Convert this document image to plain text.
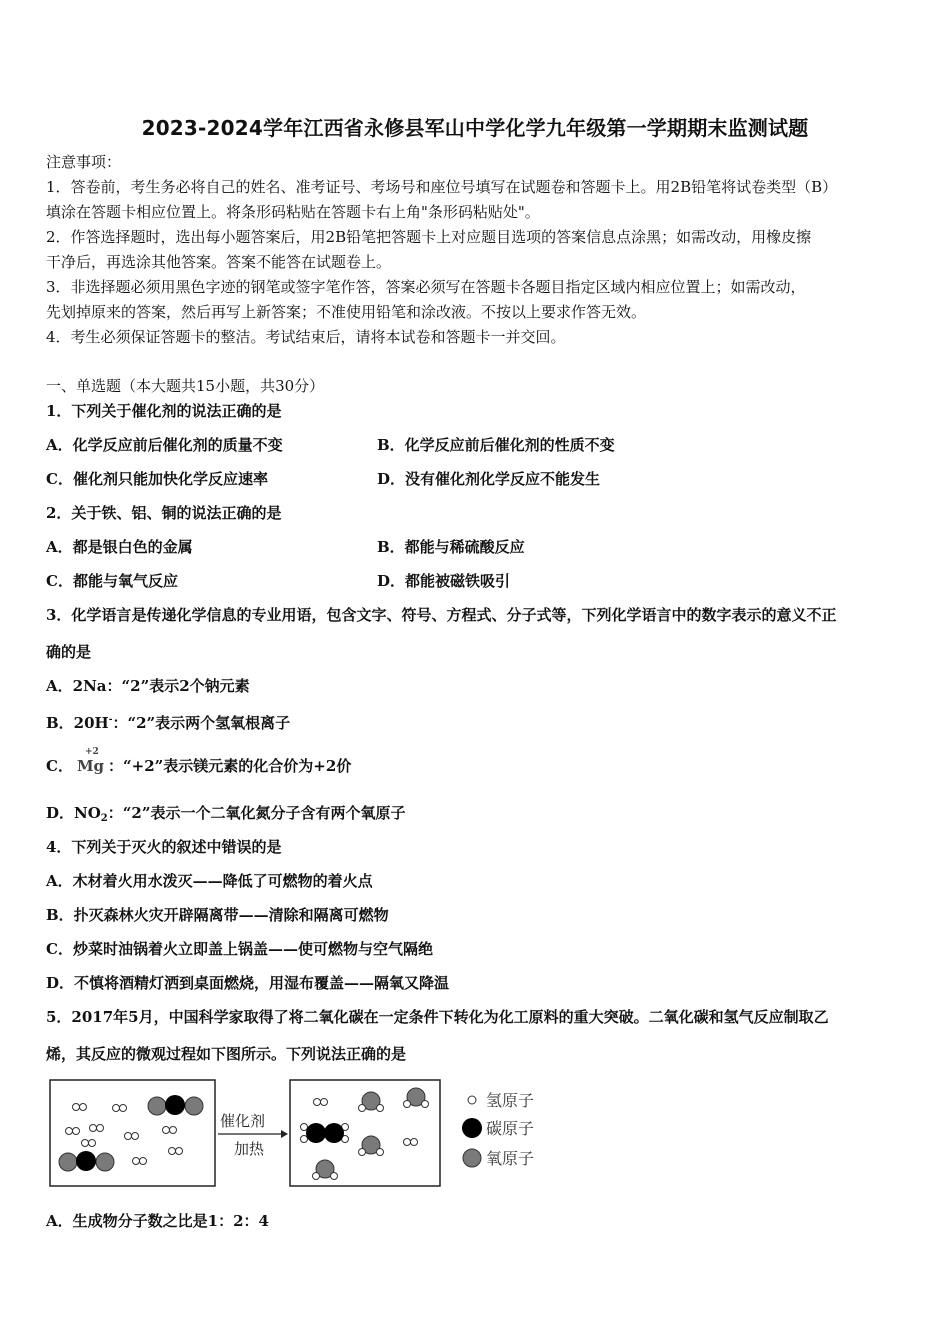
2023-2024学年江西省永修县军山中学化学九年级第一学期期末监测试题
注意事项：
1．答卷前，考生务必将自己的姓名、准考证号、考场号和座位号填写在试题卷和答题卡上。用2B铅笔将试卷类型（B）
填涂在答题卡相应位置上。将条形码粘贴在答题卡右上角"条形码粘贴处"。
2．作答选择题时，选出每小题答案后，用2B铅笔把答题卡上对应题目选项的答案信息点涂黑；如需改动，用橡皮擦
干净后，再选涂其他答案。答案不能答在试题卷上。
3．非选择题必须用黑色字迹的钢笔或签字笔作答，答案必须写在答题卡各题目指定区域内相应位置上；如需改动，
先划掉原来的答案，然后再写上新答案；不准使用铅笔和涂改液。不按以上要求作答无效。
4．考生必须保证答题卡的整洁。考试结束后，请将本试卷和答题卡一并交回。
一、单选题（本大题共15小题，共30分）
1．下列关于催化剂的说法正确的是
A．化学反应前后催化剂的质量不变	B．化学反应前后催化剂的性质不变
C．催化剂只能加快化学反应速率	D．没有催化剂化学反应不能发生
2．关于铁、铝、铜的说法正确的是
A．都是银白色的金属	B．都能与稀硫酸反应
C．都能与氧气反应	D．都能被磁铁吸引
3．化学语言是传递化学信息的专业用语，包含文字、符号、方程式、分子式等，下列化学语言中的数字表示的意义不正
确的是
A．2Na：“2”表示2个钠元素
B．20H-：“2”表示两个氢氧根离子
C．
+2
Mg ：“+2”表示镁元素的化合价为+2价
D．$NO_2$：“2”表示一个二氧化氮分子含有两个氧原子
4．下列关于灭火的叙述中错误的是
A．木材着火用水泼灭——降低了可燃物的着火点
B．扑灭森林火灾开辟隔离带——清除和隔离可燃物
C．炒菜时油锅着火立即盖上锅盖——使可燃物与空气隔绝
D．不慎将酒精灯洒到桌面燃烧，用湿布覆盖——隔氧又降温
5．2017年5月，中国科学家取得了将二氧化碳在一定条件下转化为化工原料的重大突破。二氧化碳和氢气反应制取乙
烯，其反应的微观过程如下图所示。下列说法正确的是
催化剂
加热
氢原子
碳原子
氧原子
A．生成物分子数之比是1：2：4
